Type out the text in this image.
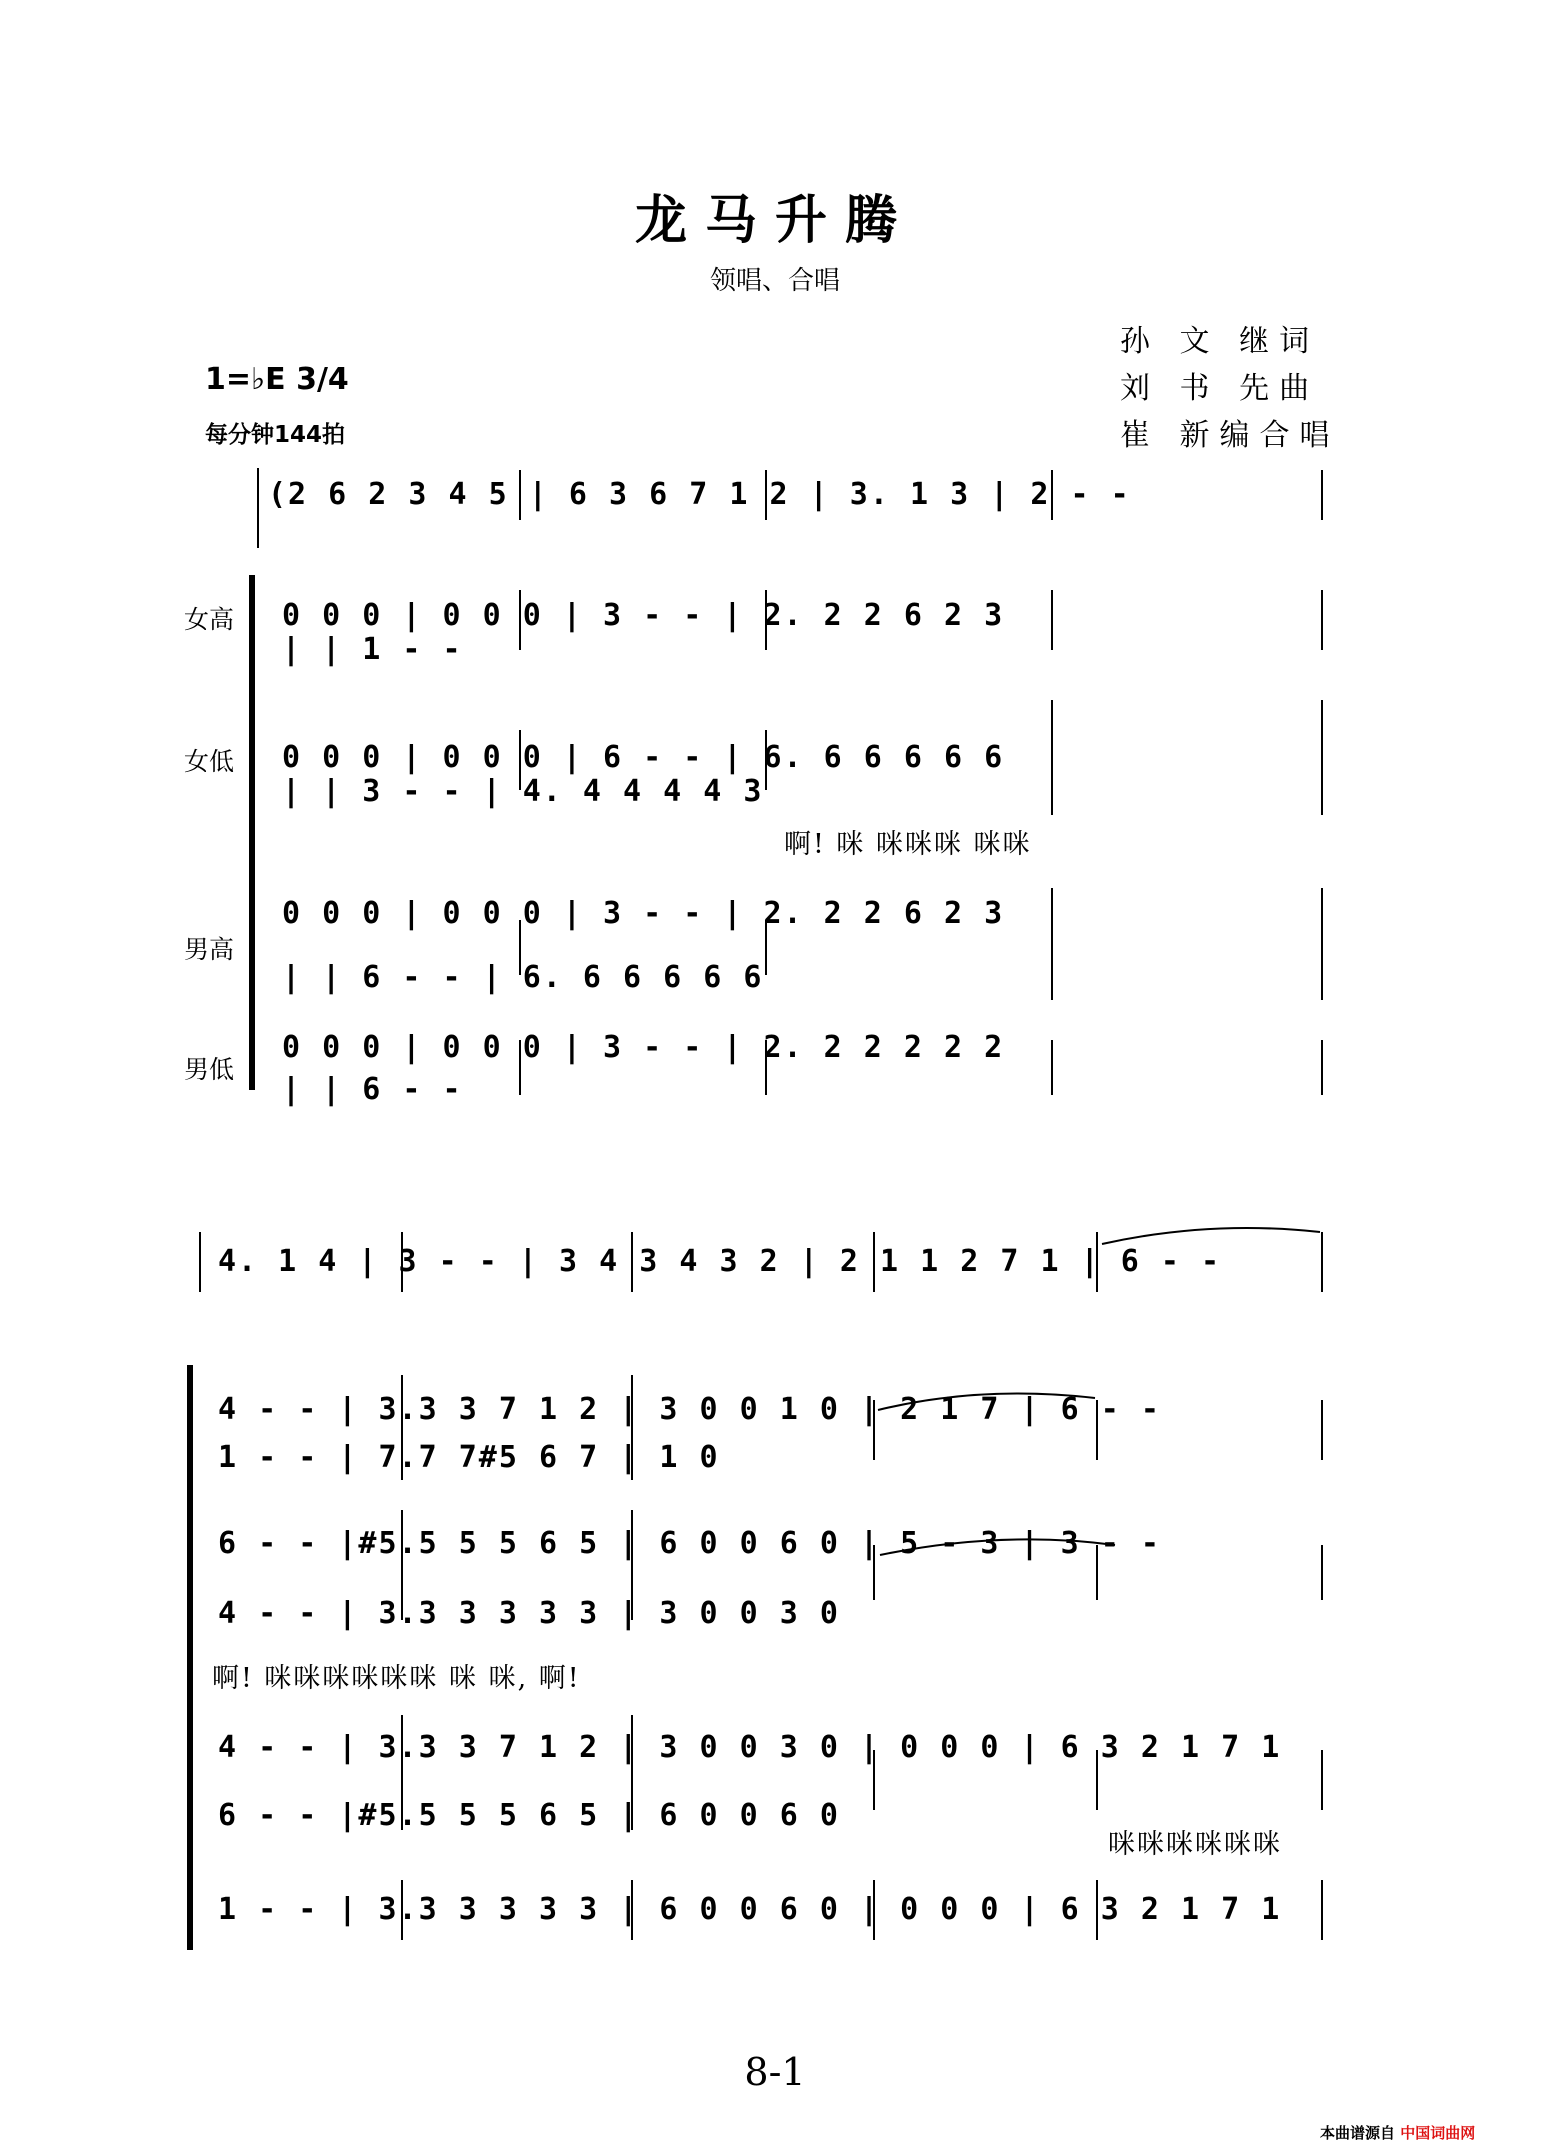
龙马升腾
领唱、合唱
孙 文 继词
刘 书 先曲
崔 新编合唱
1=♭E 3/4
每分钟144拍
(2 6 2 3 4 5 | 6 3 6 7 1 2 | 3. 1 3 | 2 - -
女高 0 0 0 | 0 0 0 | 3 - - | 2. 2 2 6 2 3
| | 1 - -
女低 0 0 0 | 0 0 0 | 6 - - | 6. 6 6 6 6 6
| | 3 - - | 4. 4 4 4 4 3
啊! 咪 咪咪咪 咪咪
男高
0 0 0 | 0 0 0 | 3 - - | 2. 2 2 6 2 3
| | 6 - - | 6. 6 6 6 6 6
男低
0 0 0 | 0 0 0 | 3 - - | 2. 2 2 2 2 2
| | 6 - -
4. 1 4 | 3 - - | 3 4 3 4 3 2 | 2 1 1 2 7 1 | 6 - -
4 - - | 3.3 3 7 1 2 | 3 0 0 1 0 | 2 1 7 | 6 - -
1 - - | 7.7 7#5 6 7 | 1 0
6 - - |#5.5 5 5 6 5 | 6 0 0 6 0 | 5 - 3 | 3 - -
4 - - | 3.3 3 3 3 3 | 3 0 0 3 0
啊! 咪咪咪咪咪咪 咪 咪, 啊!
4 - - | 3.3 3 7 1 2 | 3 0 0 3 0 | 0 0 0 | 6 3 2 1 7 1
6 - - |#5.5 5 5 6 5 | 6 0 0 6 0
咪咪咪咪咪咪
1 - - | 3.3 3 3 3 3 | 6 0 0 6 0 | 0 0 0 | 6 3 2 1 7 1
8-1
本曲谱源自 中国词曲网
